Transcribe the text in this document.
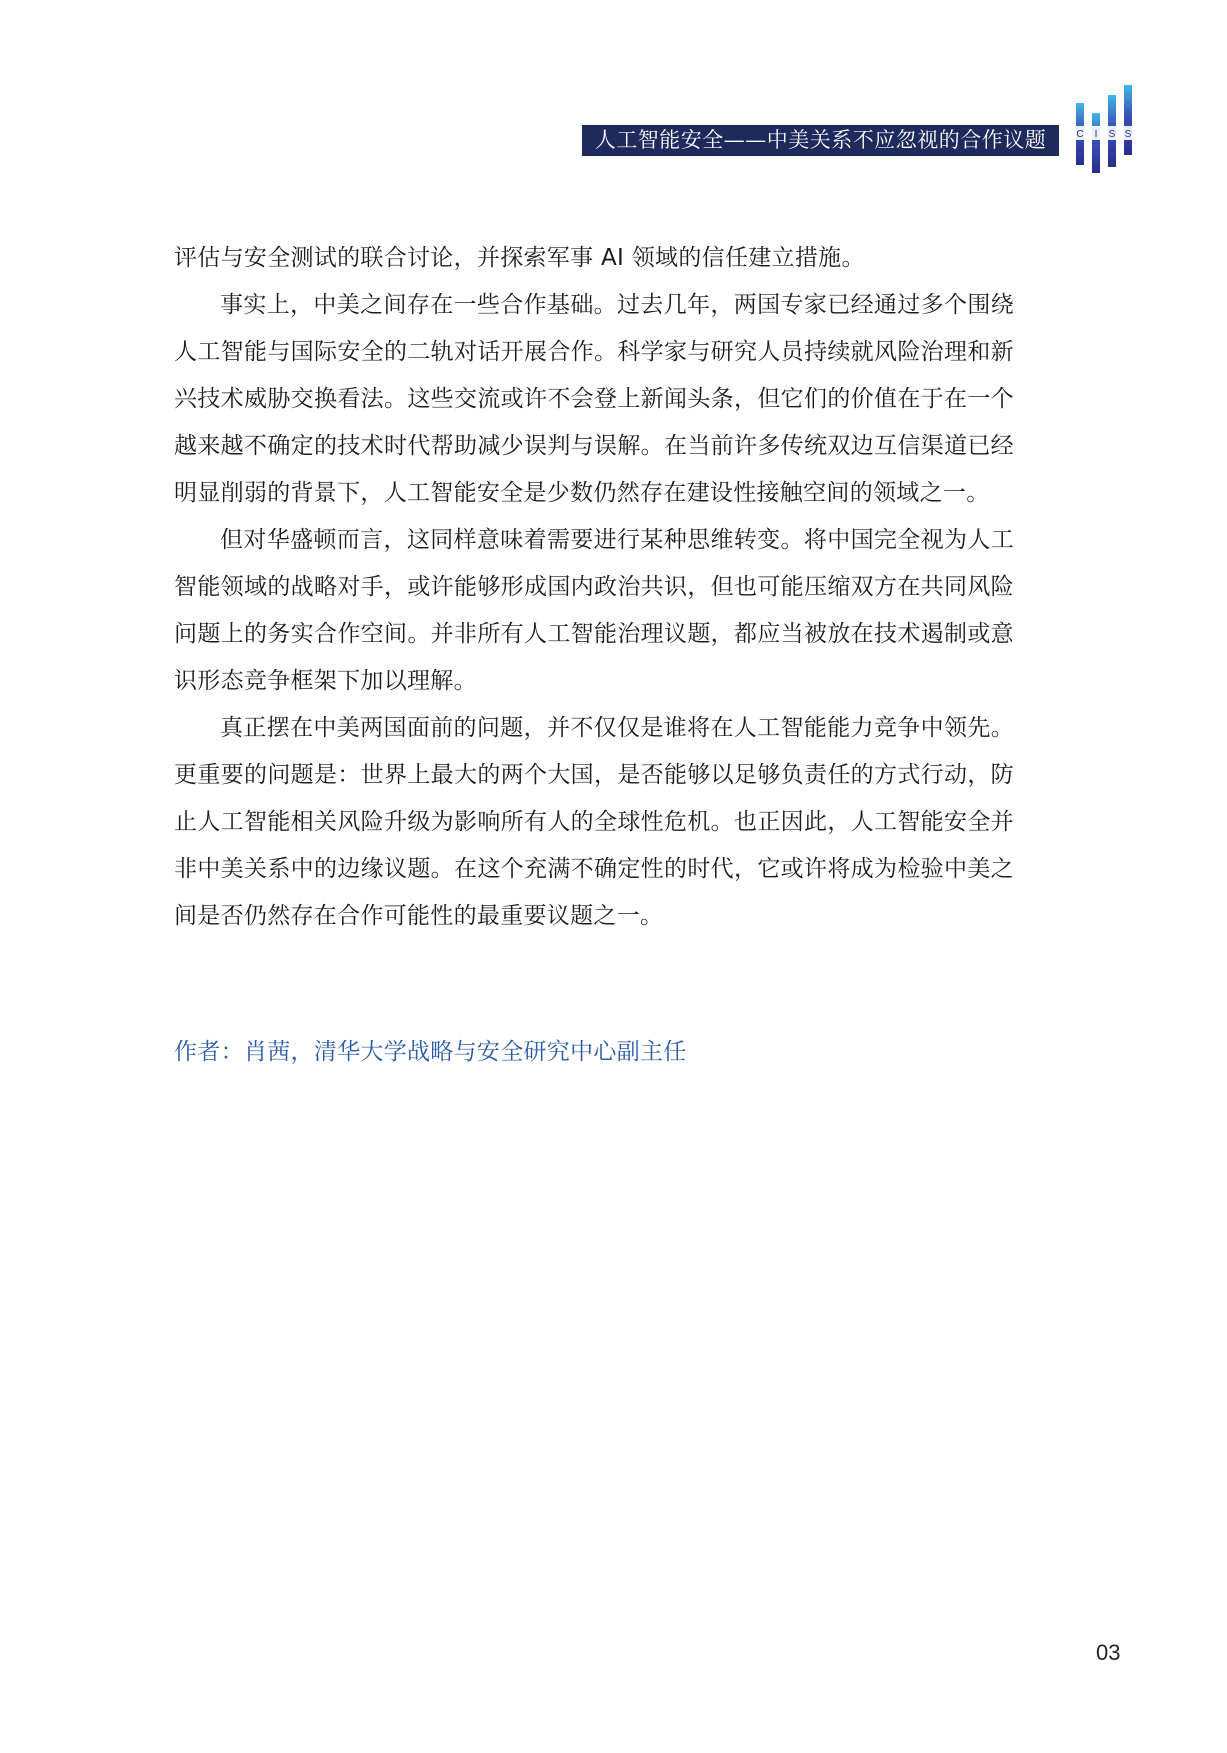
人工智能安全——中美关系不应忽视的合作议题	C I S S

评估与安全测试的联合讨论，并探索军事 AI 领域的信任建立措施。

事实上，中美之间存在一些合作基础。过去几年，两国专家已经通过多个围绕人工智能与国际安全的二轨对话开展合作。科学家与研究人员持续就风险治理和新兴技术威胁交换看法。这些交流或许不会登上新闻头条，但它们的价值在于在一个越来越不确定的技术时代帮助减少误判与误解。在当前许多传统双边互信渠道已经明显削弱的背景下，人工智能安全是少数仍然存在建设性接触空间的领域之一。

但对华盛顿而言，这同样意味着需要进行某种思维转变。将中国完全视为人工智能领域的战略对手，或许能够形成国内政治共识，但也可能压缩双方在共同风险问题上的务实合作空间。并非所有人工智能治理议题，都应当被放在技术遏制或意识形态竞争框架下加以理解。

真正摆在中美两国面前的问题，并不仅仅是谁将在人工智能能力竞争中领先。更重要的问题是：世界上最大的两个大国，是否能够以足够负责任的方式行动，防止人工智能相关风险升级为影响所有人的全球性危机。也正因此，人工智能安全并非中美关系中的边缘议题。在这个充满不确定性的时代，它或许将成为检验中美之间是否仍然存在合作可能性的最重要议题之一。

作者：肖茜，清华大学战略与安全研究中心副主任
03
